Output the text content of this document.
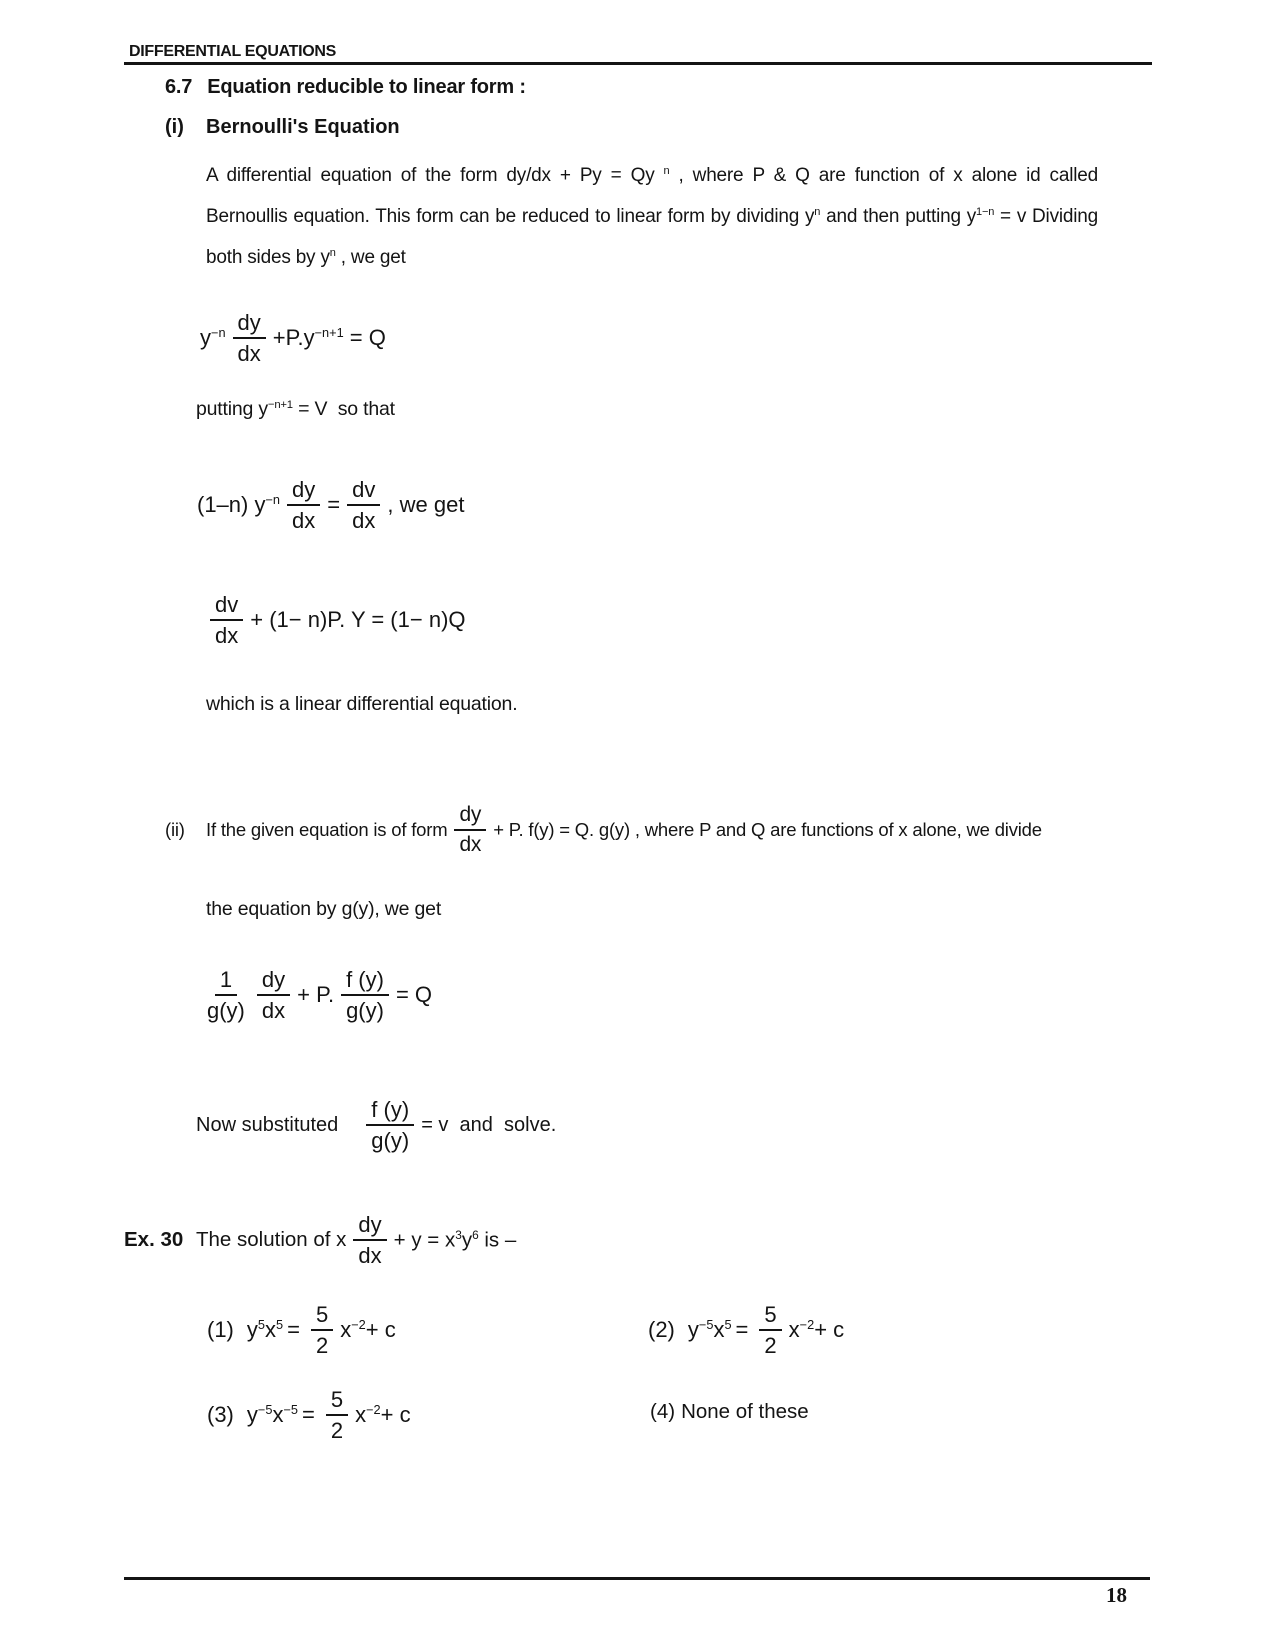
DIFFERENTIAL EQUATIONS
6.7 Equation reducible to linear form :
(i)	Bernoulli's Equation
A differential equation of the form dy/dx + Py = Qy $^n$ , where P & Q are function of x alone id called
Bernoullis equation. This form can be reduced to linear form by dividing $y^n$ and then putting $y^{1-n} = v$ Dividing
both sides by $y^n$ , we get
$y^{-n} \frac{dy}{dx} +P.y^{-n+1} = Q$
putting $y^{-n+1} = V$  so that
(1–n) $y^{-n} \frac{dy}{dx} = \frac{dv}{dx}$ , we get
$\frac{dv}{dx} + (1- n)P$. Y = (1− n)Q
which is a linear differential equation.
(ii)	If the given equation is of form $\frac{dy}{dx} + P$. f(y) = Q. g(y) , where P and Q are functions of x alone, we divide
the equation by g(y), we get
$\frac{1}{g(y)} \frac{dy}{dx} + P$. $\frac{f (y)}{g(y)} = Q$
Now substituted $\frac{f (y)}{g(y)} = v$  and  solve.
Ex. 30 The solution of x $\frac{dy}{dx} + y = x^3y^6$ is –
(1) $y^5x^5 = \frac{5}{2} x^{-2}+ c$	(2) $y^{-5}x^5 = \frac{5}{2} x^{-2}+ c$
(3) $y^{-5}x^{-5} = \frac{5}{2} x^{-2}+ c$	(4) None of these
18
